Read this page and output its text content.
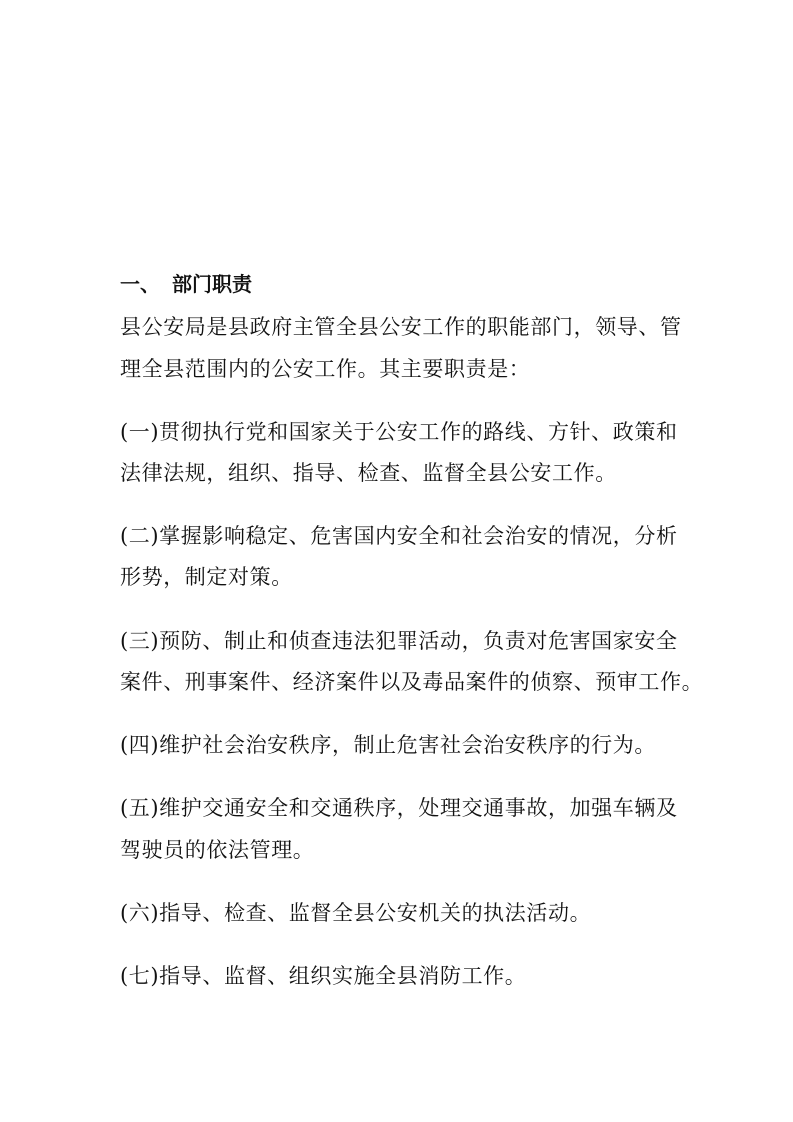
一、 部门职责
县公安局是县政府主管全县公安工作的职能部门，领导、管
理全县范围内的公安工作。其主要职责是：
(一)贯彻执行党和国家关于公安工作的路线、方针、政策和
法律法规，组织、指导、检查、监督全县公安工作。
(二)掌握影响稳定、危害国内安全和社会治安的情况，分析
形势，制定对策。
(三)预防、制止和侦查违法犯罪活动，负责对危害国家安全
案件、刑事案件、经济案件以及毒品案件的侦察、预审工作。
(四)维护社会治安秩序，制止危害社会治安秩序的行为。
(五)维护交通安全和交通秩序，处理交通事故，加强车辆及
驾驶员的依法管理。
(六)指导、检查、监督全县公安机关的执法活动。
(七)指导、监督、组织实施全县消防工作。
